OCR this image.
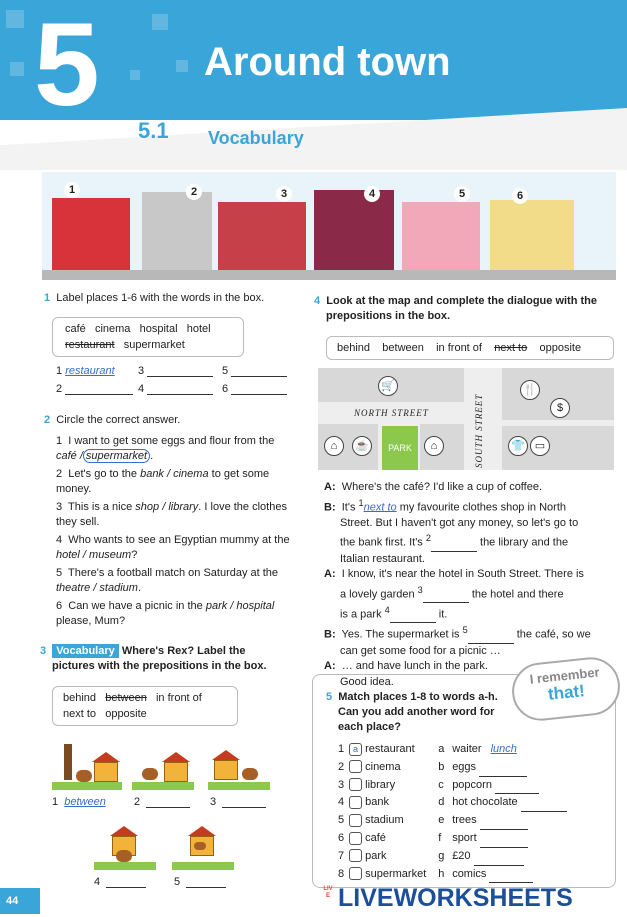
5	Around town
5.1 Vocabulary
1	2	3	4	5	6
1 Label places 1-6 with the words in the box.
café cinema hospital hotel
restaurant supermarket
1 restaurant	3	5
2	4	6
2 Circle the correct answer.
1 I want to get some eggs and flour from the café / supermarket .
2 Let's go to the bank / cinema to get some money.
3 This is a nice shop / library. I love the clothes they sell.
4 Who wants to see an Egyptian mummy at the hotel / museum?
5 There's a football match on Saturday at the theatre / stadium.
6 Can we have a picnic in the park / hospital please, Mum?
3 Vocabulary Where's Rex? Label the
pictures with the prepositions in the box.
behind between in front of
next to opposite
1 between	2	3
4	5
4 Look at the map and complete the dialogue with the
prepositions in the box.
behind between in front of next to opposite
🛒
NORTH STREET
⌂	☕	PARK	⌂	SOUTH STREET
🍴
$
👕 ▭
A: Where's the café? I'd like a cup of coffee.
B: It's $^1$next to my favourite clothes shop in North
Street. But I haven't got any money, so let's go to
the bank first. It's $^2$	the library and the
Italian restaurant.
A: I know, it's near the hotel in South Street. There is
a lovely garden $^3$	the hotel and there
is a park $^4$	it.
B: Yes. The supermarket is $^5$	the café, so we
can get some food for a picnic …
A: … and have lunch in the park.
Good idea.	I remember
that!
5 Match places 1-8 to words a-h.
Can you add another word for
each place?
1 a restaurant a waiter lunch
2 cinema	b eggs
3 library	c popcorn
4 bank	d hot chocolate
5 stadium	e trees
6 café	f sport
7 park	g £20
8 supermarket h comics
44
LIVE LIVEWORKSHEETS
